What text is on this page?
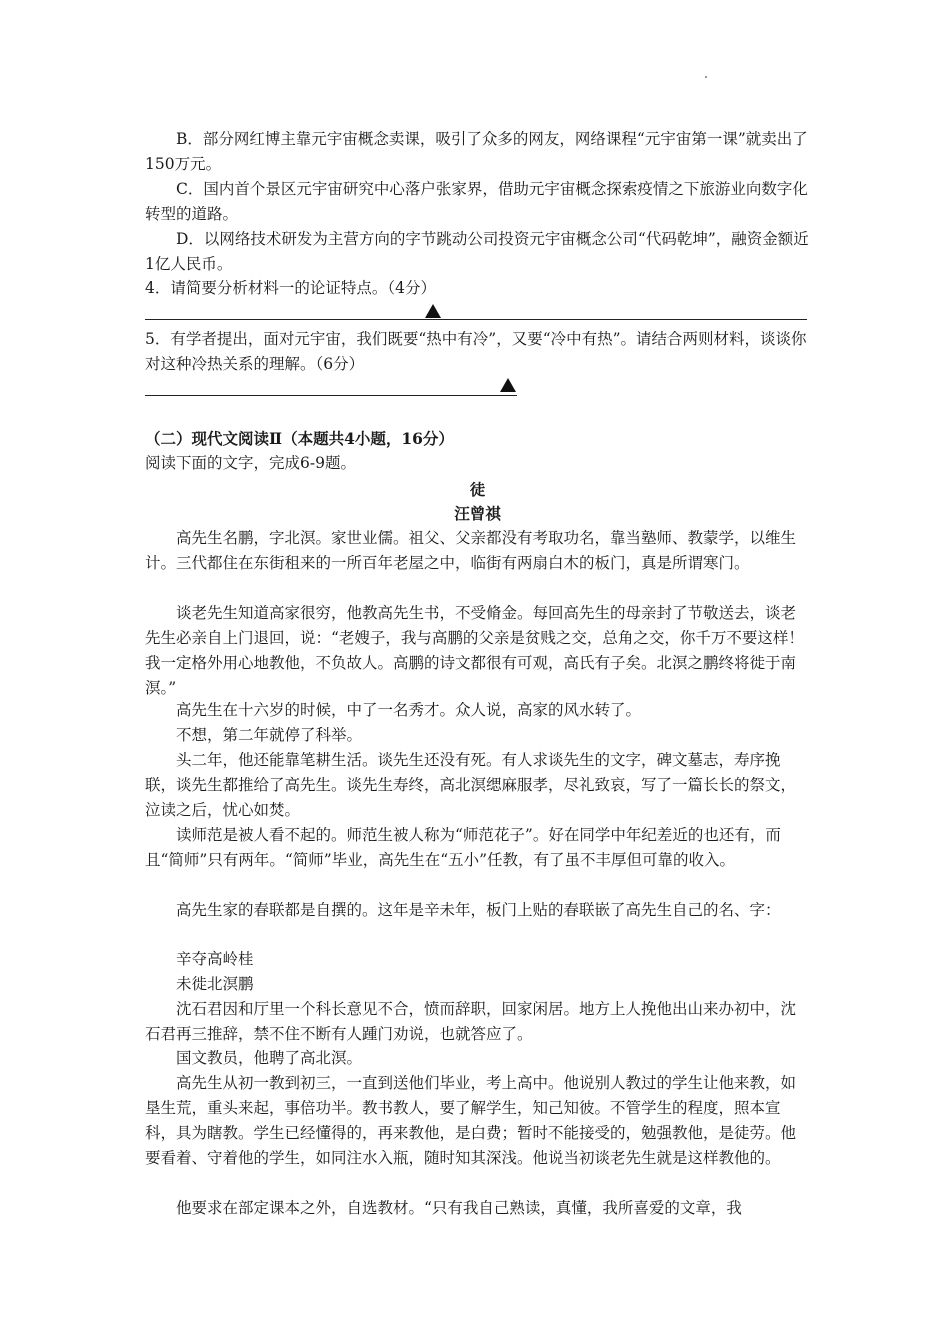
B．部分网红博主靠元宇宙概念卖课，吸引了众多的网友，网络课程“元宇宙第一课”就卖出了150万元。

C．国内首个景区元宇宙研究中心落户张家界，借助元宇宙概念探索疫情之下旅游业向数字化转型的道路。

D．以网络技术研发为主营方向的字节跳动公司投资元宇宙概念公司“代码乾坤”，融资金额近1亿人民币。

4．请简要分析材料一的论证特点。（4分）

5．有学者提出，面对元宇宙，我们既要“热中有冷”，又要“冷中有热”。请结合两则材料，谈谈你对这种冷热关系的理解。（6分）

（二）现代文阅读Ⅱ（本题共4小题，16分）

阅读下面的文字，完成6-9题。

徒

汪曾祺

高先生名鹏，字北溟。家世业儒。祖父、父亲都没有考取功名，靠当塾师、教蒙学，以维生计。三代都住在东街租来的一所百年老屋之中，临街有两扇白木的板门，真是所谓寒门。

谈老先生知道高家很穷，他教高先生书，不受脩金。每回高先生的母亲封了节敬送去，谈老先生必亲自上门退回，说：“老嫂子，我与高鹏的父亲是贫贱之交，总角之交，你千万不要这样！我一定格外用心地教他，不负故人。高鹏的诗文都很有可观，高氏有子矣。北溟之鹏终将徙于南溟。”

高先生在十六岁的时候，中了一名秀才。众人说，高家的风水转了。

不想，第二年就停了科举。

头二年，他还能靠笔耕生活。谈先生还没有死。有人求谈先生的文字，碑文墓志，寿序挽联，谈先生都推给了高先生。谈先生寿终，高北溟缌麻服孝，尽礼致哀，写了一篇长长的祭文，泣读之后，忧心如焚。

读师范是被人看不起的。师范生被人称为“师范花子”。好在同学中年纪差近的也还有，而且“简师”只有两年。“简师”毕业，高先生在“五小”任教，有了虽不丰厚但可靠的收入。

高先生家的春联都是自撰的。这年是辛未年，板门上贴的春联嵌了高先生自己的名、字：

辛夺高岭桂

未徙北溟鹏

沈石君因和厅里一个科长意见不合，愤而辞职，回家闲居。地方上人挽他出山来办初中，沈石君再三推辞，禁不住不断有人踵门劝说，也就答应了。

国文教员，他聘了高北溟。

高先生从初一教到初三，一直到送他们毕业，考上高中。他说别人教过的学生让他来教，如垦生荒，重头来起，事倍功半。教书教人，要了解学生，知己知彼。不管学生的程度，照本宣科，具为瞎教。学生已经懂得的，再来教他，是白费；暂时不能接受的，勉强教他，是徒劳。他要看着、守着他的学生，如同注水入瓶，随时知其深浅。他说当初谈老先生就是这样教他的。

他要求在部定课本之外，自选教材。“只有我自己熟读，真懂，我所喜爱的文章，我
